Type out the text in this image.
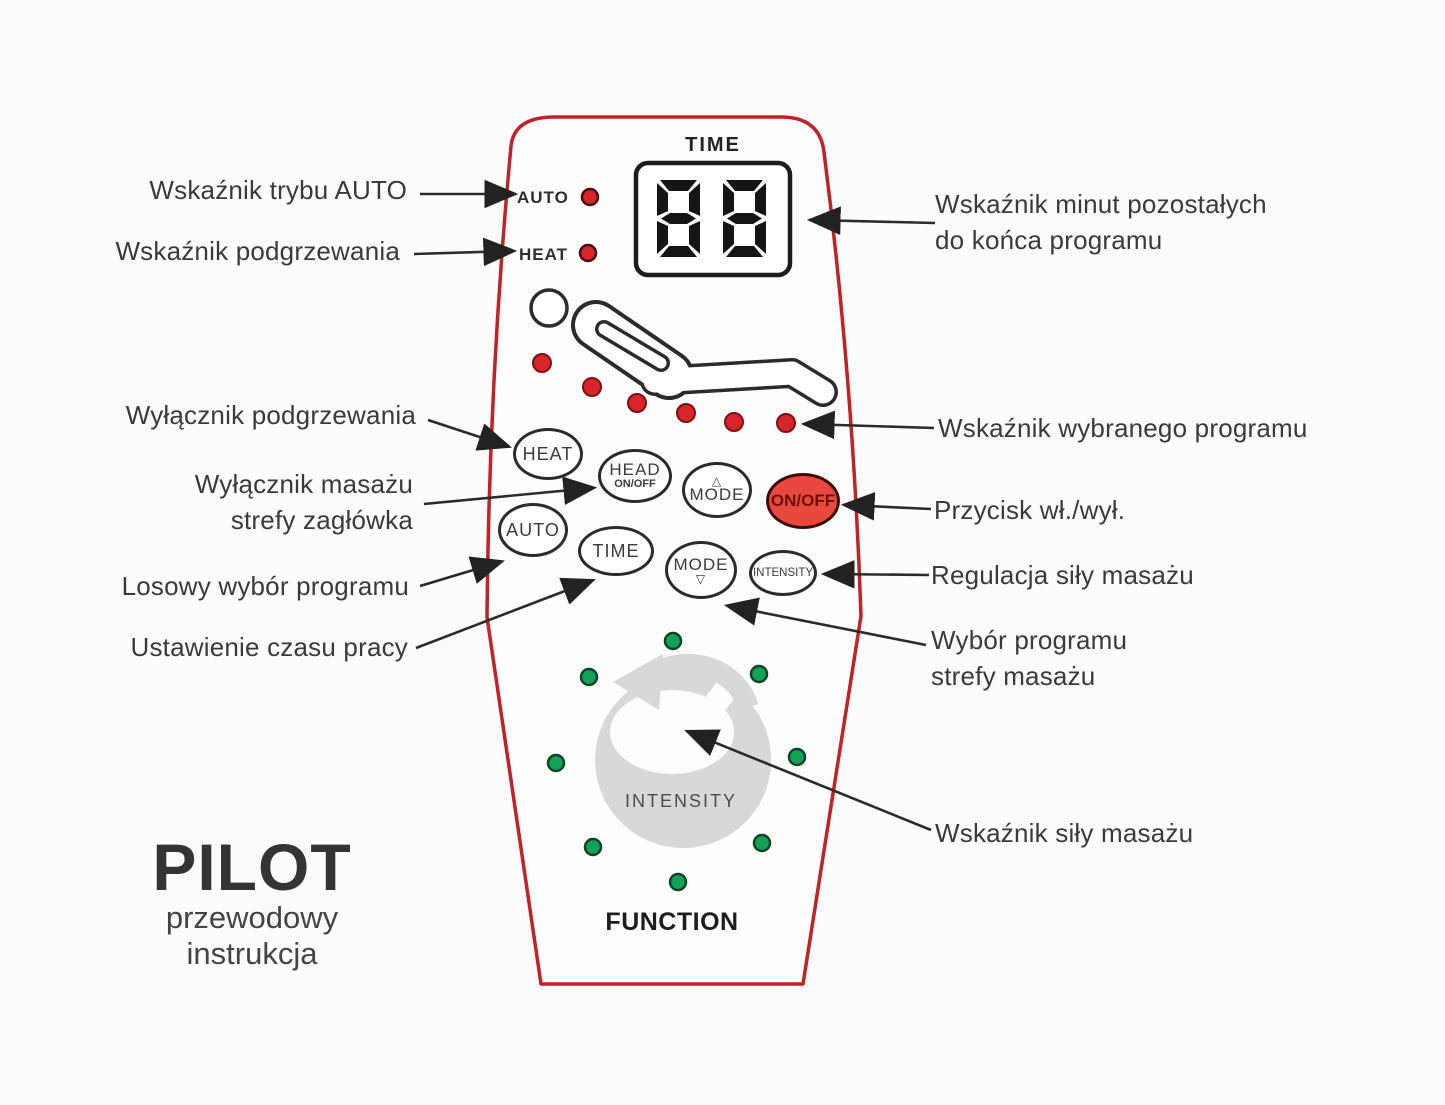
TIME
AUTO
HEAT
HEAT
HEAD
ON/OFF	△
MODE ON/OFF
AUTO
TIME
MODE
▽	INTENSITY
INTENSITY
FUNCTION
Wskaźnik trybu AUTO
Wskaźnik podgrzewania
Wyłącznik podgrzewania
Wyłącznik masażu
strefy zagłówka
Losowy wybór programu
Ustawienie czasu pracy
Wskaźnik minut pozostałych
do końca programu
Wskaźnik wybranego programu
Przycisk wł./wył.
Regulacja siły masażu
Wybór programu
strefy masażu
Wskaźnik siły masażu
PILOT
przewodowy
instrukcja
